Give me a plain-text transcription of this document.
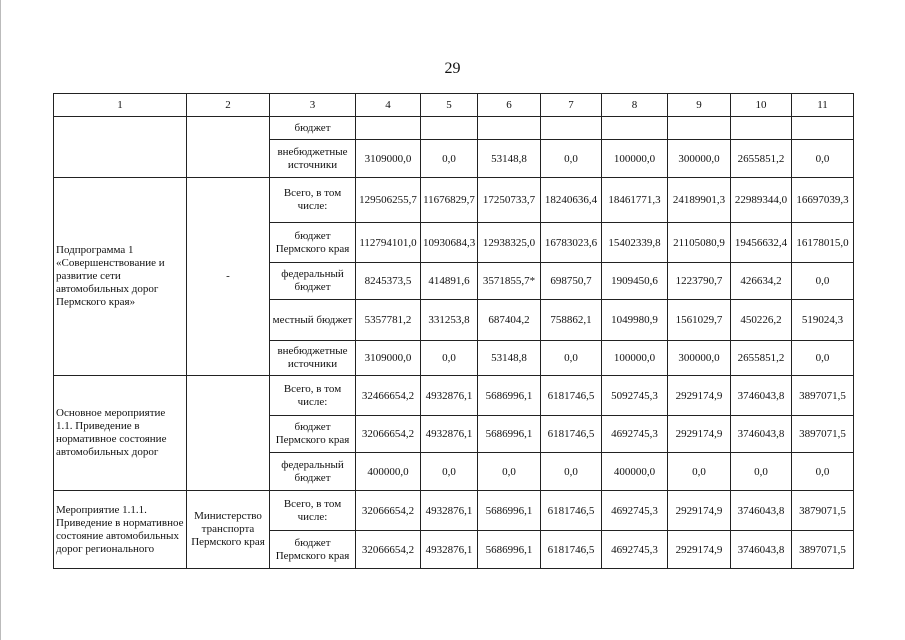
29
1	2	3	4	5	6	7	8	9	10	11
		бюджет								
		внебюджетные источники	3109000,0	0,0	53148,8	0,0	100000,0	300000,0	2655851,2	0,0
Подпрограмма 1 «Совершенствование и развитие сети автомобильных дорог Пермского края»	-	Всего, в том числе:	129506255,7	11676829,7	17250733,7	18240636,4	18461771,3	24189901,3	22989344,0	16697039,3
		бюджет Пермского края	112794101,0	10930684,3	12938325,0	16783023,6	15402339,8	21105080,9	19456632,4	16178015,0
		федеральный бюджет	8245373,5	414891,6	3571855,7*	698750,7	1909450,6	1223790,7	426634,2	0,0
		местный бюджет	5357781,2	331253,8	687404,2	758862,1	1049980,9	1561029,7	450226,2	519024,3
		внебюджетные источники	3109000,0	0,0	53148,8	0,0	100000,0	300000,0	2655851,2	0,0
Основное мероприятие 1.1. Приведение в нормативное состояние автомобильных дорог		Всего, в том числе:	32466654,2	4932876,1	5686996,1	6181746,5	5092745,3	2929174,9	3746043,8	3897071,5
		бюджет Пермского края	32066654,2	4932876,1	5686996,1	6181746,5	4692745,3	2929174,9	3746043,8	3897071,5
		федеральный бюджет	400000,0	0,0	0,0	0,0	400000,0	0,0	0,0	0,0
Мероприятие 1.1.1. Приведение в нормативное состояние автомобильных дорог регионального	Министерство транспорта Пермского края	Всего, в том числе:	32066654,2	4932876,1	5686996,1	6181746,5	4692745,3	2929174,9	3746043,8	3879071,5
		бюджет Пермского края	32066654,2	4932876,1	5686996,1	6181746,5	4692745,3	2929174,9	3746043,8	3897071,5
